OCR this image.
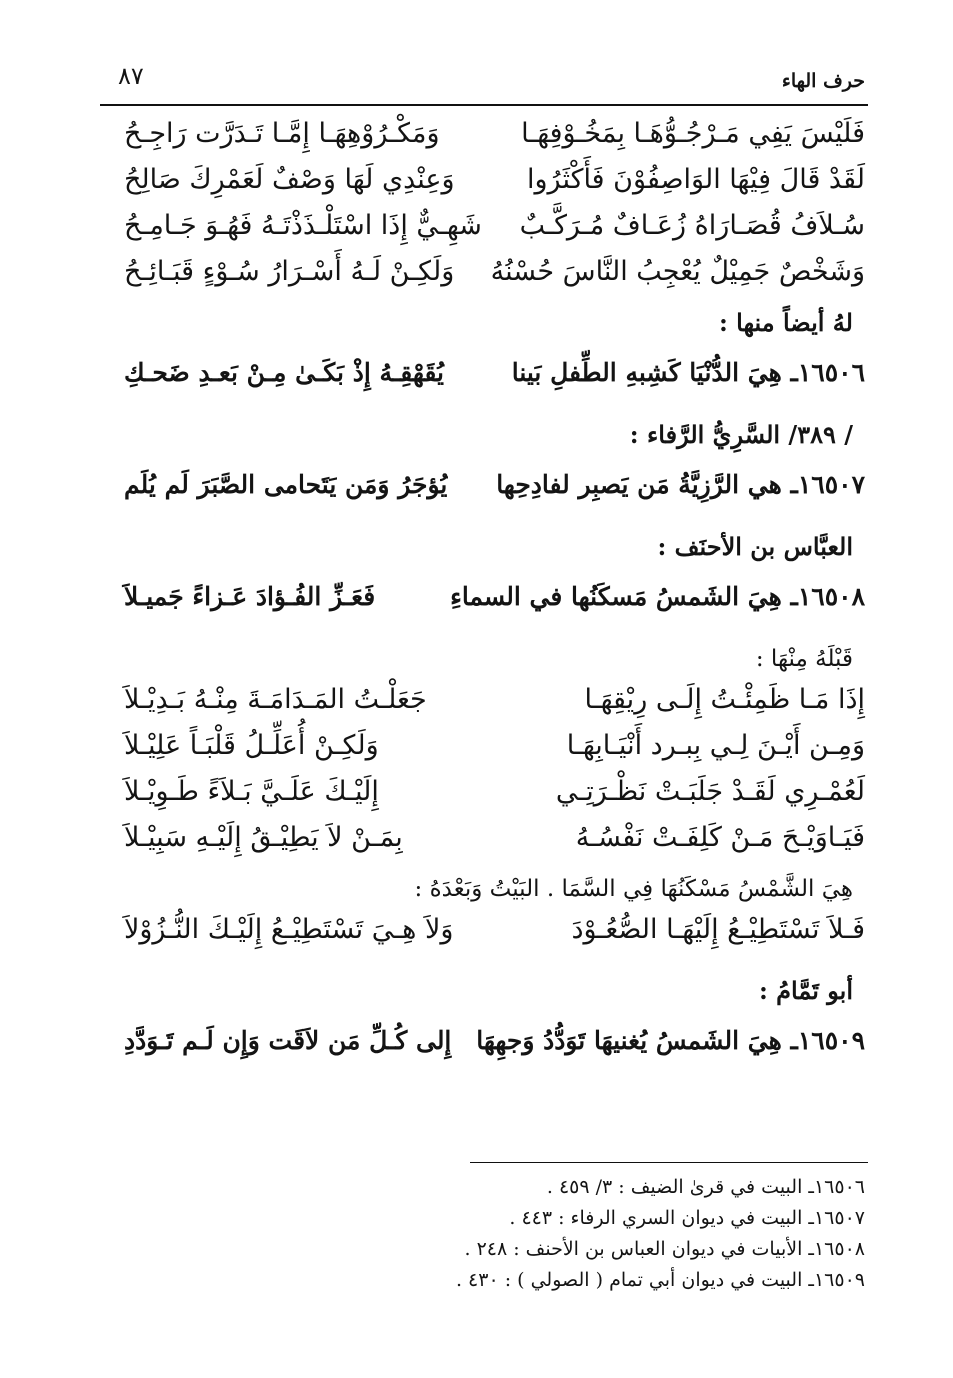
حرف الهاء
٨٧
فَلَيْسَ يَفِي مَـرْجُـوُّهَـا بِمَخُـوْفِهَـا
وَمَكْـرُوْهِهَـا إِمَّـا تَـدَرَّت رَاجِـحُ
لَقَدْ قَالَ فِيْهَا الوَاصِفُوْنَ فَأَكْثَرُوا
وَعِنْدِي لَهَا وَصْفٌ لَعَمْرِكَ صَالِحُ
سُـلاَفُ قُصَـارَاهُ زُعَـافٌ مُـرَكَّـبٌ
شَهِـيٌّ إِذَا اسْتَلْـذَذْتَـهُ فَهُـوَ جَـامِـحُ
وَشَخْصٌ جَمِيْلٌ يُعْجِبُ النَّاسَ حُسْنُهُ
وَلَكِـنْ لَـهُ أَسْـرَارُ سُـوْءٍ قَبَـائِـحُ
لهُ أيضاً منها :
١٦٥٠٦ـ هِيَ الدُّنْيَا كَشِبهِ الطِّفلِ بَينا
يُقَهْقِـهُ إِذْ بَكَـىٰ مِـنْ بَعـدِ ضَحـكِ
/ ٣٨٩/ السَّرِيُّ الرَّفاء :
١٦٥٠٧ـ هي الرَّزِيَّةُ مَن يَصبِر لفادِحِها
يُؤجَرُ وَمَن يَتَحامى الصَّبَرَ لَم يُلَم
العبَّاس بن الأحنَف :
١٦٥٠٨ـ هِيَ الشَمسُ مَسكَنُها في السماءِ
فَعَـزِّ الفُـؤادَ عَـزاءً جَميـلاَ
قَبْلَهُ مِنْهَا :
إِذَا مَـا ظَمِئْـتُ إِلَـى رِيْقِهَـا
جَعَلْـتُ المَـدَامَـةَ مِنْـهُ بَـدِيْـلاَ
وَمِـن أَيْـنَ لِـي بِبـرد أَنْيَـابِهَـا
وَلَكِـنْ أُعَلِّـلُ قَلْبَـاً عَلِيْـلاَ
لَعُمْـرِي لَقَـدْ جَلَبَـتْ نَظْـرَتِـي
إِلَيْـكَ عَلَـيَّ بَـلاَءً طَـوِيْـلاَ
فَيَـاوَيْـحَ مَـنْ كَلِفَـتْ نَفْسُـهُ
بِمَـنْ لاَ يَطِيْـقُ إِلَيْـهِ سَبِيْـلاَ
هِيَ الشَّمْسُ مَسْكَنُهَا فِي السَّمَا . البَيْتُ وَبَعْدَهُ :
فَـلاَ تَسْتَطِيْـعُ إِلَيْهَـا الصُّعُـوْدَ
وَلاَ هِـيَ تَسْتَطِيْـعُ إِلَيْـكَ النُّـزُوْلاَ
أبو تَمَّامُ :
١٦٥٠٩ـ هِيَ الشَمسُ يُغنيهَا تَوَدُّدُ وَجهِهَا
إِلى كُـلِّ مَن لاَقَت وَإِن لَـم تَـوَدَّدِ
١٦٥٠٦ـ البيت في قرىٰ الضيف : ٣/ ٤٥٩ .
١٦٥٠٧ـ البيت في ديوان السري الرفاء : ٤٤٣ .
١٦٥٠٨ـ الأبيات في ديوان العباس بن الأحنف : ٢٤٨ .
١٦٥٠٩ـ البيت في ديوان أبي تمام ( الصولي ) : ٤٣٠ .
